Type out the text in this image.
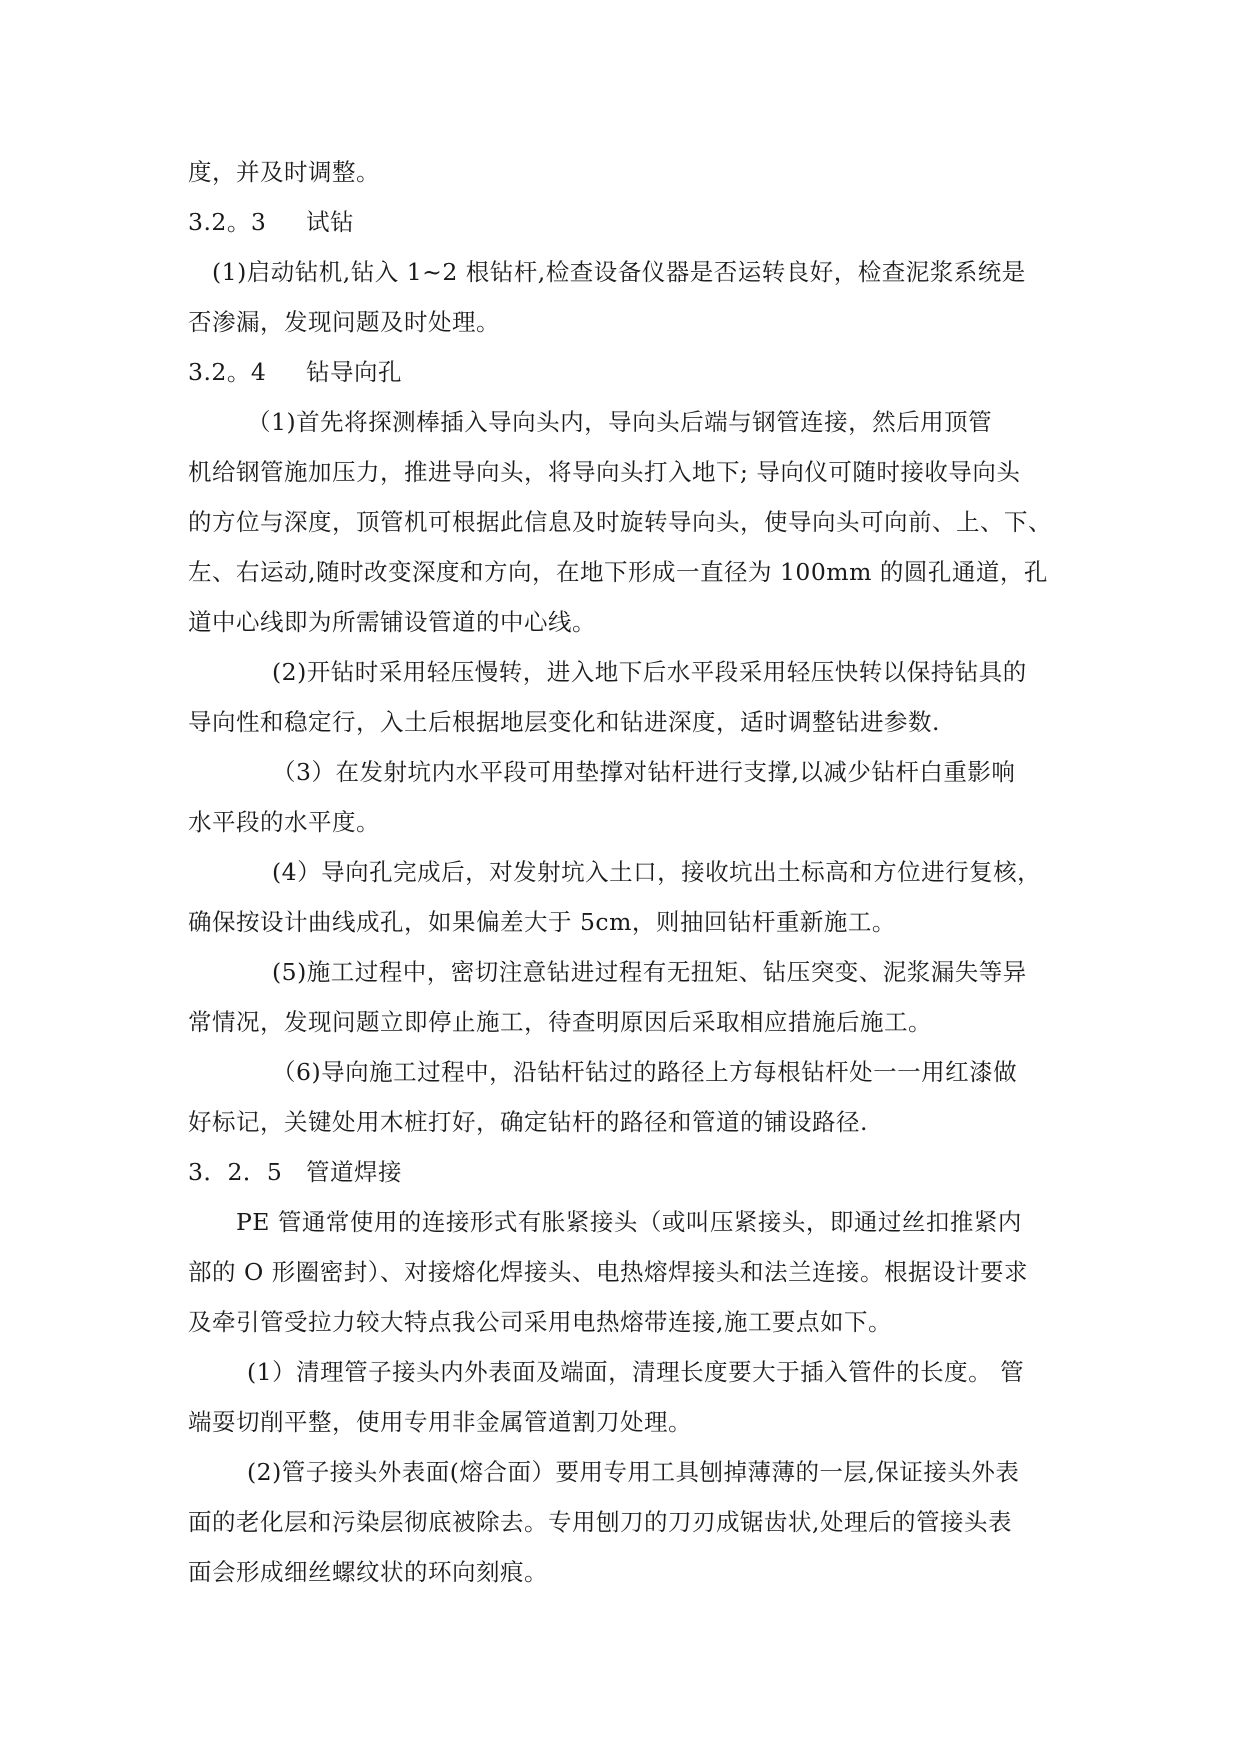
度，并及时调整。
3.2。3 试钻
(1)启动钻机,钻入 1~2 根钻杆,检查设备仪器是否运转良好，检查泥浆系统是
否渗漏，发现问题及时处理。
3.2。4 钻导向孔
（1)首先将探测棒插入导向头内，导向头后端与钢管连接，然后用顶管
机给钢管施加压力，推进导向头，将导向头打入地下; 导向仪可随时接收导向头
的方位与深度，顶管机可根据此信息及时旋转导向头，使导向头可向前、上、下、
左、右运动,随时改变深度和方向，在地下形成一直径为 100mm 的圆孔通道，孔
道中心线即为所需铺设管道的中心线。
(2)开钻时采用轻压慢转，进入地下后水平段采用轻压快转以保持钻具的
导向性和稳定行，入土后根据地层变化和钻进深度，适时调整钻进参数.
（3）在发射坑内水平段可用垫撑对钻杆进行支撑,以减少钻杆白重影响
水平段的水平度。
(4）导向孔完成后，对发射坑入土口，接收坑出土标高和方位进行复核，
确保按设计曲线成孔，如果偏差大于 5cm，则抽回钻杆重新施工。
(5)施工过程中，密切注意钻进过程有无扭矩、钻压突变、泥浆漏失等异
常情况，发现问题立即停止施工，待查明原因后采取相应措施后施工。
（6)导向施工过程中，沿钻杆钻过的路径上方每根钻杆处一一用红漆做
好标记，关键处用木桩打好，确定钻杆的路径和管道的铺设路径.
3．2．5 管道焊接
PE 管通常使用的连接形式有胀紧接头（或叫压紧接头，即通过丝扣推紧内
部的 O 形圈密封）、对接熔化焊接头、电热熔焊接头和法兰连接。根据设计要求
及牵引管受拉力较大特点我公司采用电热熔带连接,施工要点如下。
(1）清理管子接头内外表面及端面，清理长度要大于插入管件的长度。 管
端耍切削平整，使用专用非金属管道割刀处理。
(2)管子接头外表面(熔合面）要用专用工具刨掉薄薄的一层,保证接头外表
面的老化层和污染层彻底被除去。专用刨刀的刀刃成锯齿状,处理后的管接头表
面会形成细丝螺纹状的环向刻痕。
